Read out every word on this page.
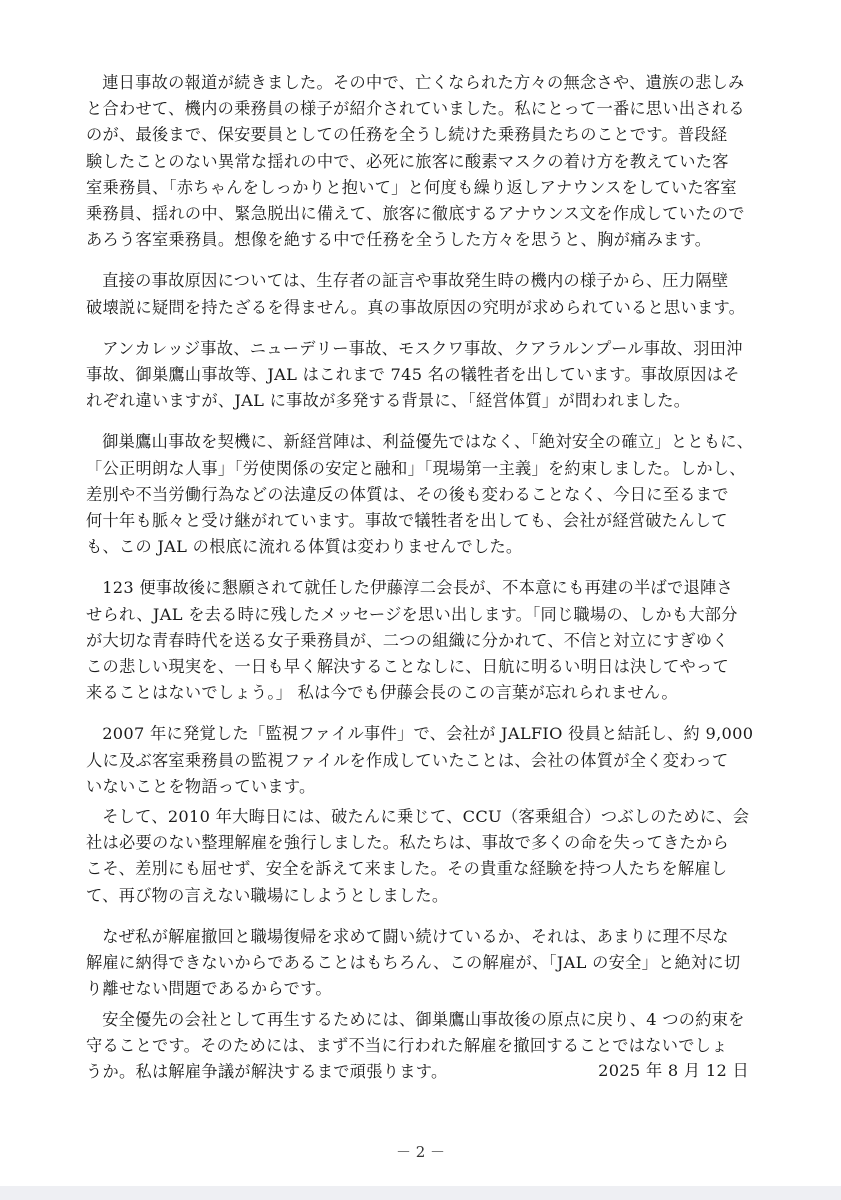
連日事故の報道が続きました。その中で、亡くなられた方々の無念さや、遺族の悲しみ
と合わせて、機内の乗務員の様子が紹介されていました。私にとって一番に思い出される
のが、最後まで、保安要員としての任務を全うし続けた乗務員たちのことです。普段経
験したことのない異常な揺れの中で、必死に旅客に酸素マスクの着け方を教えていた客
室乗務員、「赤ちゃんをしっかりと抱いて」と何度も繰り返しアナウンスをしていた客室
乗務員、揺れの中、緊急脱出に備えて、旅客に徹底するアナウンス文を作成していたので
あろう客室乗務員。想像を絶する中で任務を全うした方々を思うと、胸が痛みます。

直接の事故原因については、生存者の証言や事故発生時の機内の様子から、圧力隔壁
破壊説に疑問を持たざるを得ません。真の事故原因の究明が求められていると思います。

アンカレッジ事故、ニューデリー事故、モスクワ事故、クアラルンプール事故、羽田沖
事故、御巣鷹山事故等、JAL はこれまで 745 名の犠牲者を出しています。事故原因はそ
れぞれ違いますが、JAL に事故が多発する背景に、「経営体質」が問われました。

御巣鷹山事故を契機に、新経営陣は、利益優先ではなく、「絶対安全の確立」とともに、
「公正明朗な人事」「労使関係の安定と融和」「現場第一主義」を約束しました。しかし、
差別や不当労働行為などの法違反の体質は、その後も変わることなく、今日に至るまで
何十年も脈々と受け継がれています。事故で犠牲者を出しても、会社が経営破たんして
も、この JAL の根底に流れる体質は変わりませんでした。

123 便事故後に懇願されて就任した伊藤淳二会長が、不本意にも再建の半ばで退陣さ
せられ、JAL を去る時に残したメッセージを思い出します。「同じ職場の、しかも大部分
が大切な青春時代を送る女子乗務員が、二つの組織に分かれて、不信と対立にすぎゆく
この悲しい現実を、一日も早く解決することなしに、日航に明るい明日は決してやって
来ることはないでしょう。」 私は今でも伊藤会長のこの言葉が忘れられません。

2007 年に発覚した「監視ファイル事件」で、会社が JALFIO 役員と結託し、約 9,000
人に及ぶ客室乗務員の監視ファイルを作成していたことは、会社の体質が全く変わって
いないことを物語っています。

そして、2010 年大晦日には、破たんに乗じて、CCU（客乗組合）つぶしのために、会
社は必要のない整理解雇を強行しました。私たちは、事故で多くの命を失ってきたから
こそ、差別にも屈せず、安全を訴えて来ました。その貴重な経験を持つ人たちを解雇し
て、再び物の言えない職場にしようとしました。

なぜ私が解雇撤回と職場復帰を求めて闘い続けているか、それは、あまりに理不尽な
解雇に納得できないからであることはもちろん、この解雇が、「JAL の安全」と絶対に切
り離せない問題であるからです。

安全優先の会社として再生するためには、御巣鷹山事故後の原点に戻り、4 つの約束を
守ることです。そのためには、まず不当に行われた解雇を撤回することではないでしょ
うか。私は解雇争議が解決するまで頑張ります。	2025 年 8 月 12 日
－ 2 －
